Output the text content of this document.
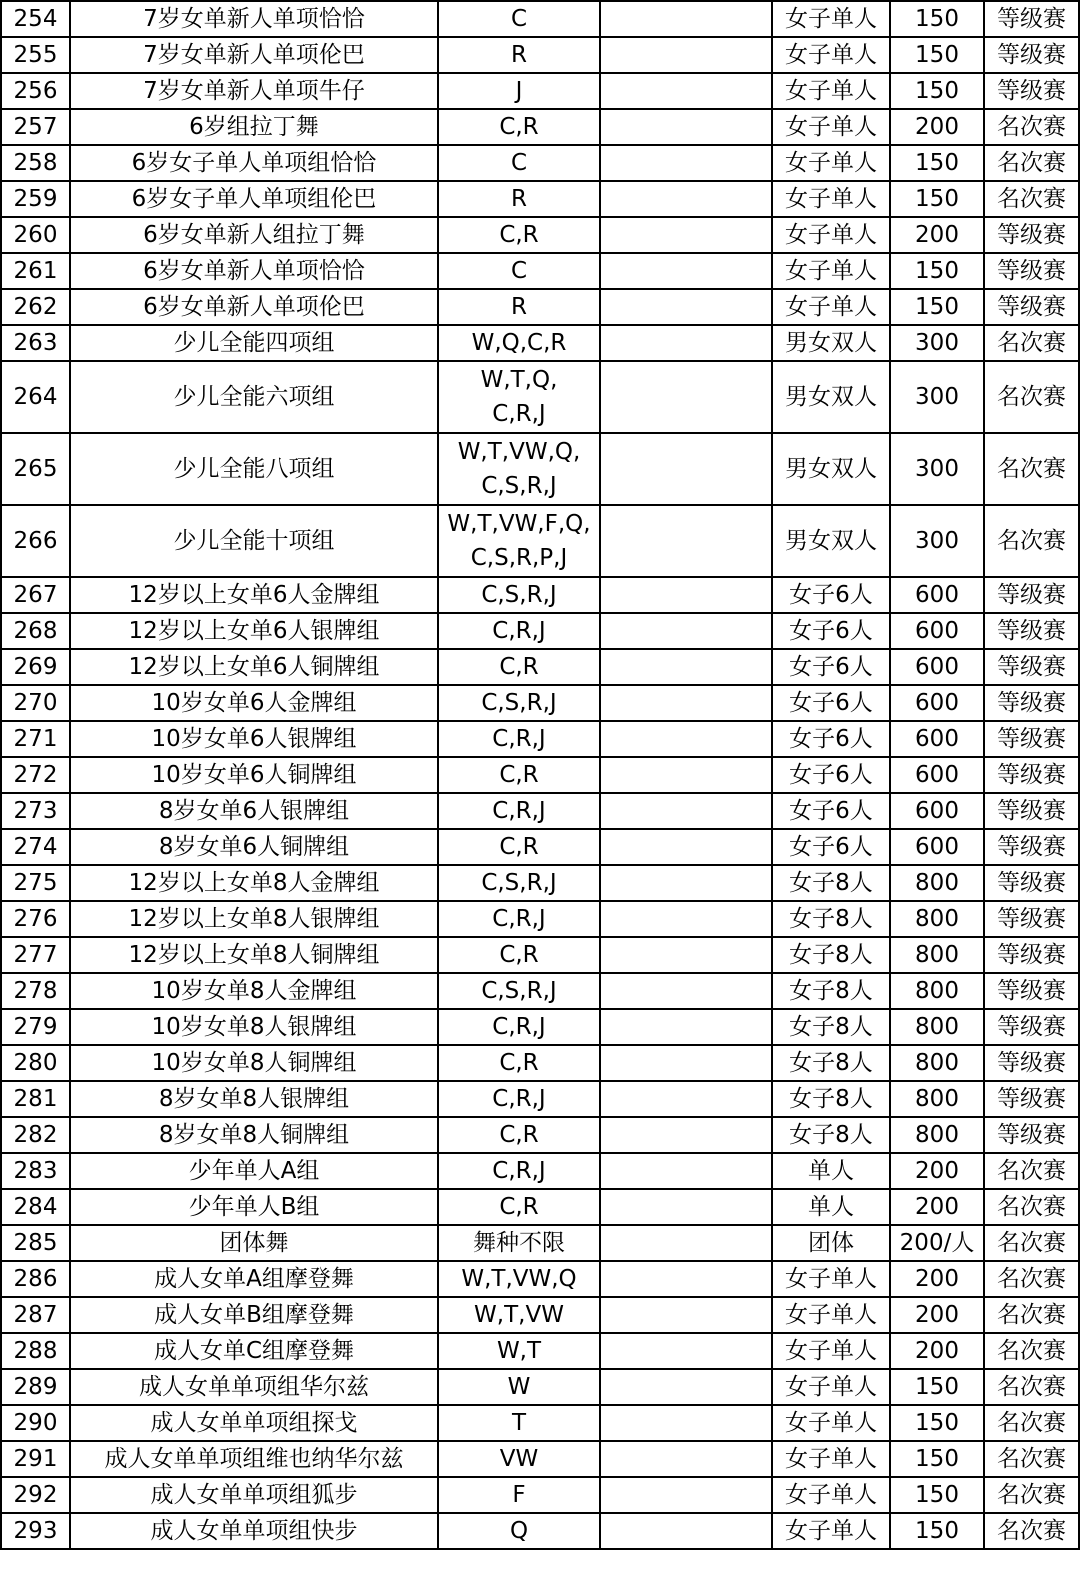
254	7岁女单新人单项恰恰	C		女子单人	150	等级赛
255	7岁女单新人单项伦巴	R		女子单人	150	等级赛
256	7岁女单新人单项牛仔	J		女子单人	150	等级赛
257	6岁组拉丁舞	C,R		女子单人	200	名次赛
258	6岁女子单人单项组恰恰	C		女子单人	150	名次赛
259	6岁女子单人单项组伦巴	R		女子单人	150	名次赛
260	6岁女单新人组拉丁舞	C,R		女子单人	200	等级赛
261	6岁女单新人单项恰恰	C		女子单人	150	等级赛
262	6岁女单新人单项伦巴	R		女子单人	150	等级赛
263	少儿全能四项组	W,Q,C,R		男女双人	300	名次赛
264	少儿全能六项组	W,T,Q,
C,R,J		男女双人	300	名次赛
265	少儿全能八项组	W,T,VW,Q,
C,S,R,J		男女双人	300	名次赛
266	少儿全能十项组	W,T,VW,F,Q,
C,S,R,P,J		男女双人	300	名次赛
267	12岁以上女单6人金牌组	C,S,R,J		女子6人	600	等级赛
268	12岁以上女单6人银牌组	C,R,J		女子6人	600	等级赛
269	12岁以上女单6人铜牌组	C,R		女子6人	600	等级赛
270	10岁女单6人金牌组	C,S,R,J		女子6人	600	等级赛
271	10岁女单6人银牌组	C,R,J		女子6人	600	等级赛
272	10岁女单6人铜牌组	C,R		女子6人	600	等级赛
273	8岁女单6人银牌组	C,R,J		女子6人	600	等级赛
274	8岁女单6人铜牌组	C,R		女子6人	600	等级赛
275	12岁以上女单8人金牌组	C,S,R,J		女子8人	800	等级赛
276	12岁以上女单8人银牌组	C,R,J		女子8人	800	等级赛
277	12岁以上女单8人铜牌组	C,R		女子8人	800	等级赛
278	10岁女单8人金牌组	C,S,R,J		女子8人	800	等级赛
279	10岁女单8人银牌组	C,R,J		女子8人	800	等级赛
280	10岁女单8人铜牌组	C,R		女子8人	800	等级赛
281	8岁女单8人银牌组	C,R,J		女子8人	800	等级赛
282	8岁女单8人铜牌组	C,R		女子8人	800	等级赛
283	少年单人A组	C,R,J		单人	200	名次赛
284	少年单人B组	C,R		单人	200	名次赛
285	团体舞	舞种不限		团体	200/人	名次赛
286	成人女单A组摩登舞	W,T,VW,Q		女子单人	200	名次赛
287	成人女单B组摩登舞	W,T,VW		女子单人	200	名次赛
288	成人女单C组摩登舞	W,T		女子单人	200	名次赛
289	成人女单单项组华尔兹	W		女子单人	150	名次赛
290	成人女单单项组探戈	T		女子单人	150	名次赛
291	成人女单单项组维也纳华尔兹	VW		女子单人	150	名次赛
292	成人女单单项组狐步	F		女子单人	150	名次赛
293	成人女单单项组快步	Q		女子单人	150	名次赛
